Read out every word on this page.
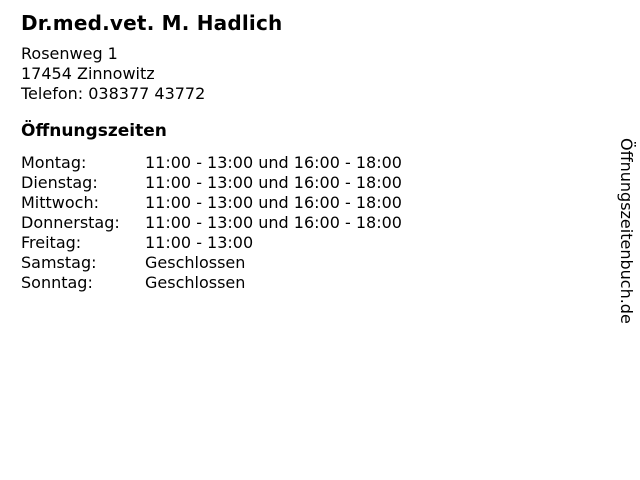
Dr.med.vet. M. Hadlich
Rosenweg 1
17454 Zinnowitz
Telefon: 038377 43772
Öffnungszeiten
Montag:	11:00 - 13:00 und 16:00 - 18:00
Dienstag:	11:00 - 13:00 und 16:00 - 18:00
Mittwoch:	11:00 - 13:00 und 16:00 - 18:00
Donnerstag:	11:00 - 13:00 und 16:00 - 18:00
Freitag:	11:00 - 13:00
Samstag:	Geschlossen
Sonntag:	Geschlossen	Öffnungszeitenbuch.de
